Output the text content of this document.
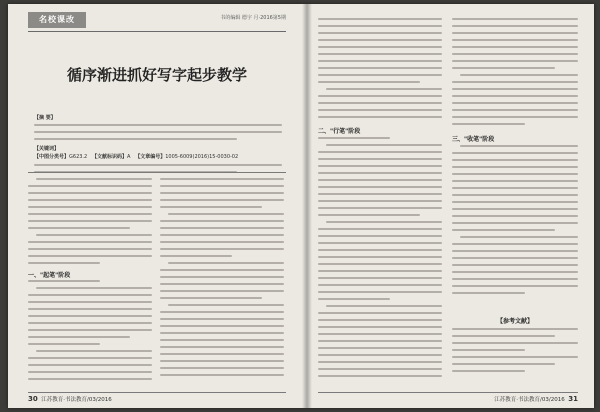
名校课改	书的编辑 德宇 月·2016第5期
循序渐进抓好写字起步教学
【摘 要】
【关键词】
【中图分类号】G623.2 【文献标识码】A 【文章编号】1005-6009(2016)15-0030-02
一、"起笔"阶段
30 江苏教育·书法教育/03/2016
二、"行笔"阶段
三、"收笔"阶段
【参考文献】
江苏教育·书法教育/03/2016 31
